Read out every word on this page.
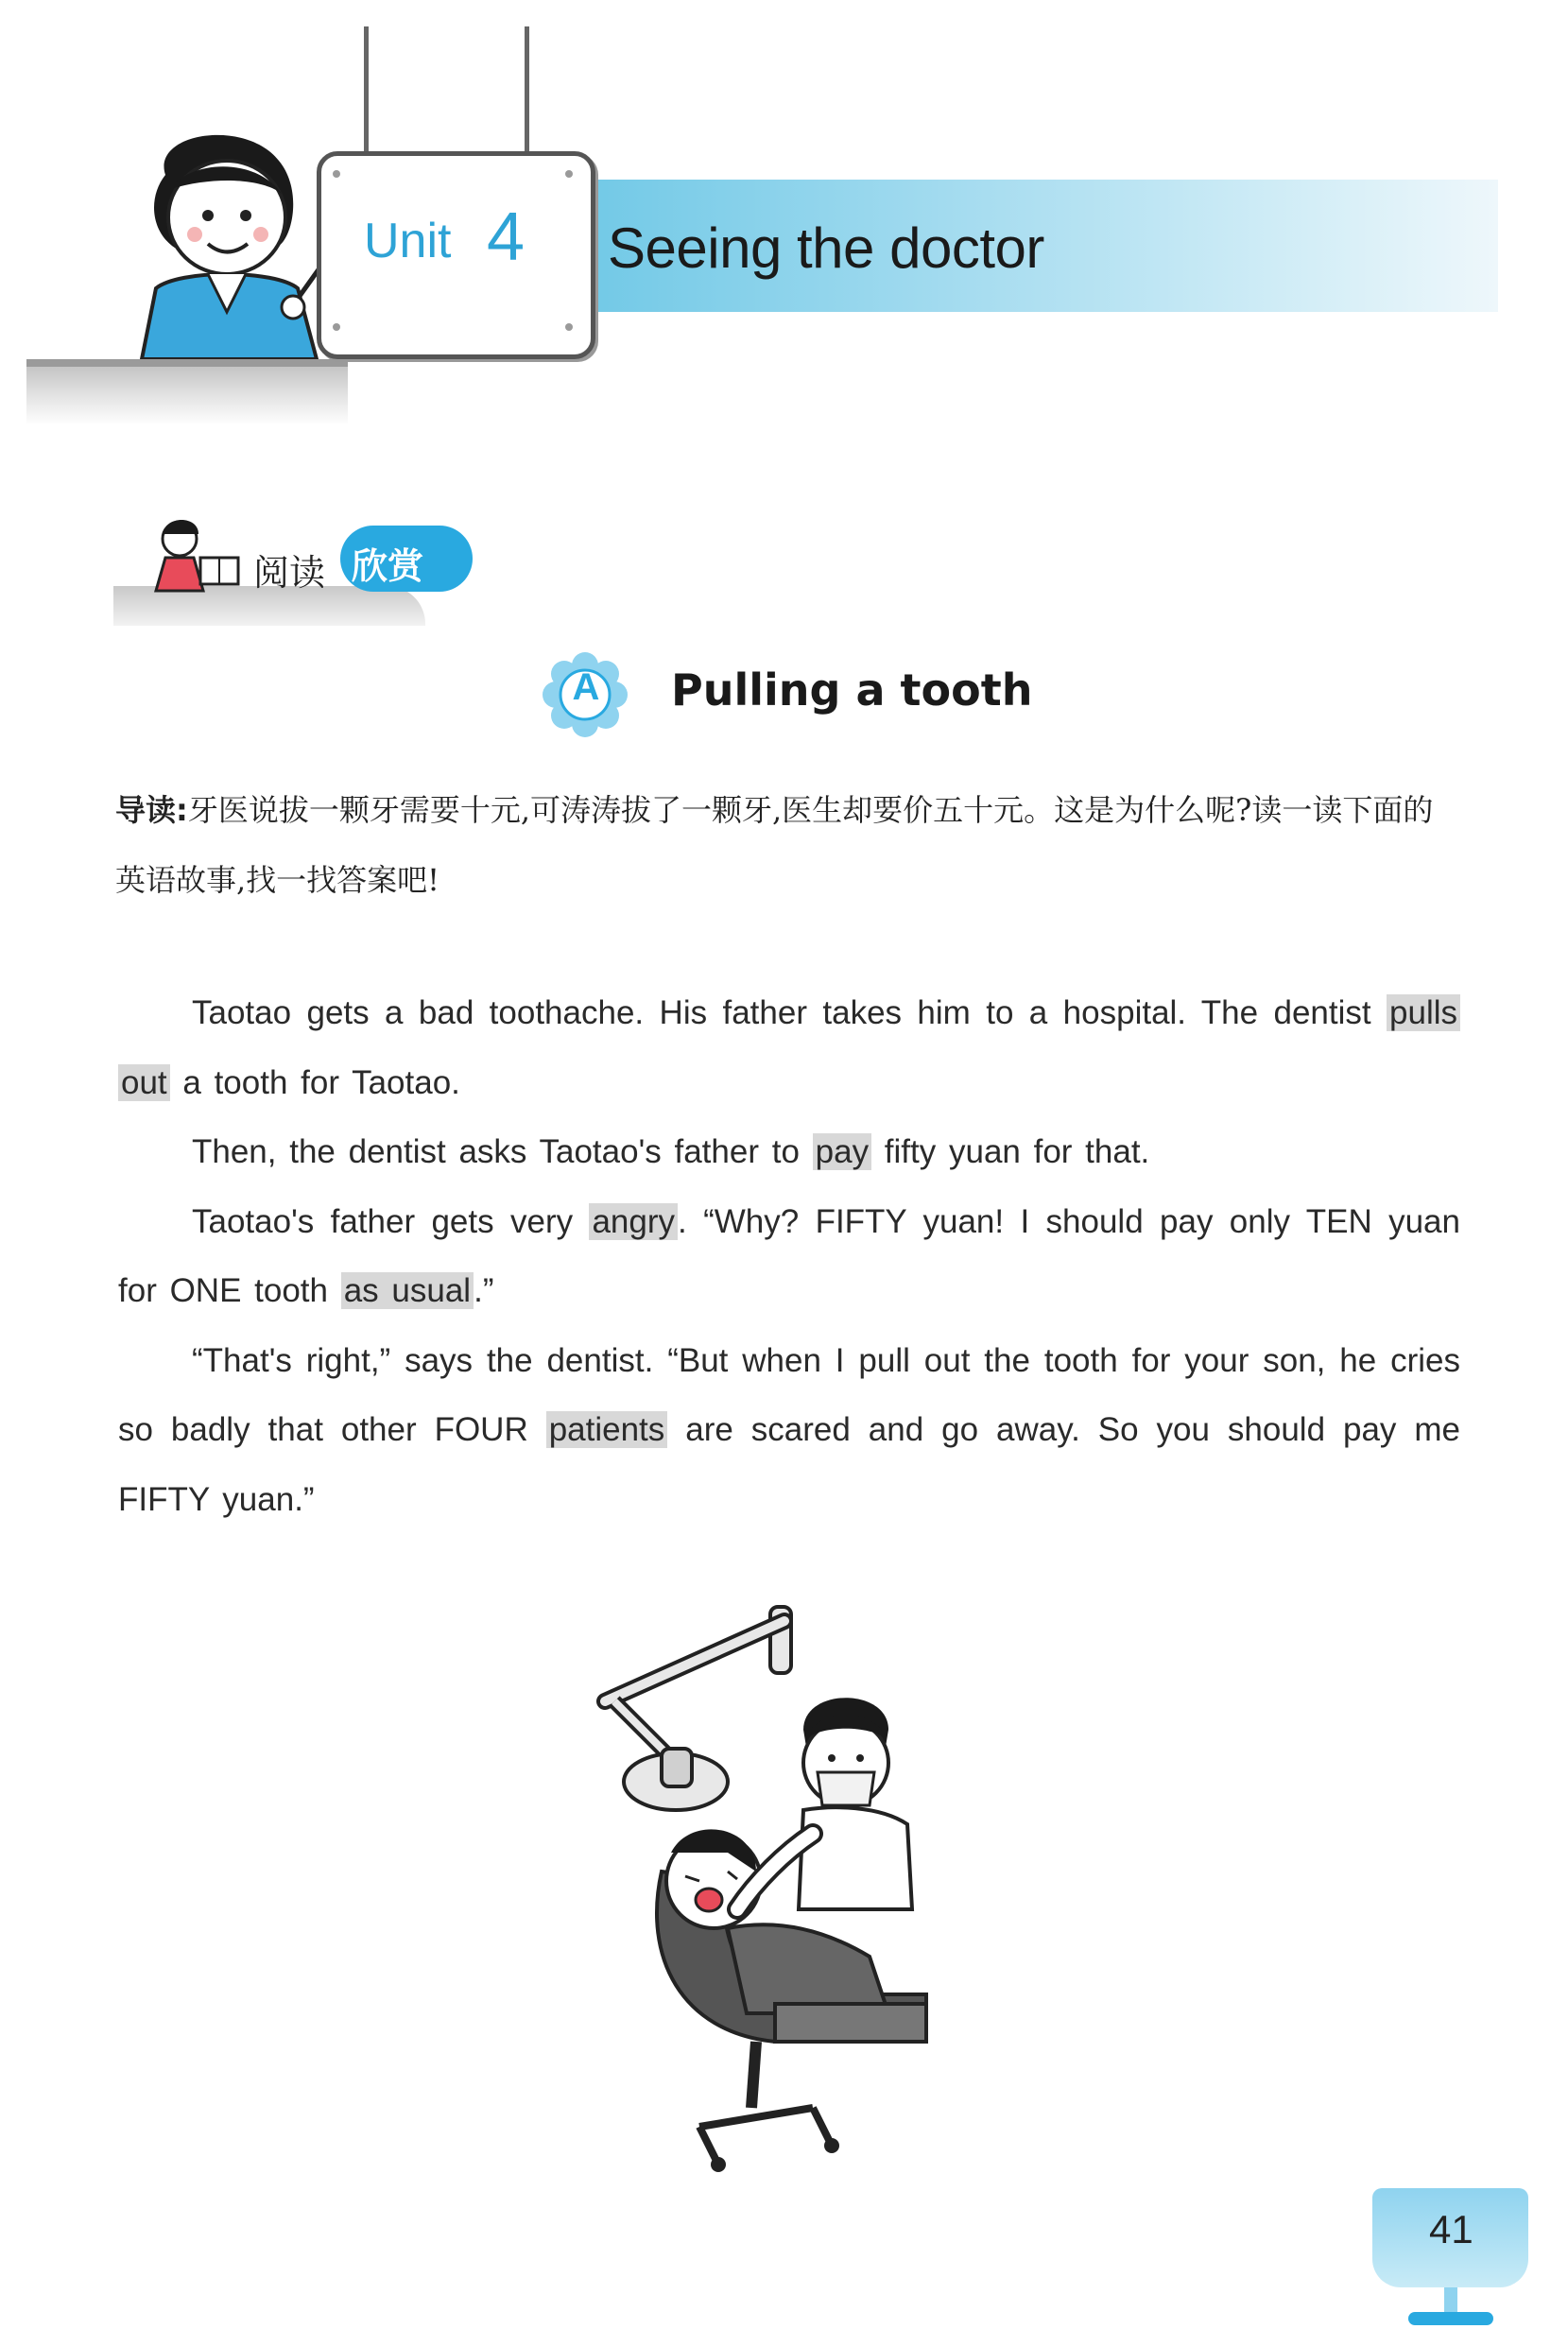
Unit 4 Seeing the doctor
阅读 欣赏
A Pulling a tooth
导读:牙医说拔一颗牙需要十元,可涛涛拔了一颗牙,医生却要价五十元。这是为什么呢?读一读下面的英语故事,找一找答案吧!

Taotao gets a bad toothache. His father takes him to a hospital. The dentist pulls out a tooth for Taotao.

Then, the dentist asks Taotao's father to pay fifty yuan for that.

Taotao's father gets very angry. “Why? FIFTY yuan! I should pay only TEN yuan for ONE tooth as usual.”

“That's right,” says the dentist. “But when I pull out the tooth for your son, he cries so badly that other FOUR patients are scared and go away. So you should pay me FIFTY yuan.”

41
